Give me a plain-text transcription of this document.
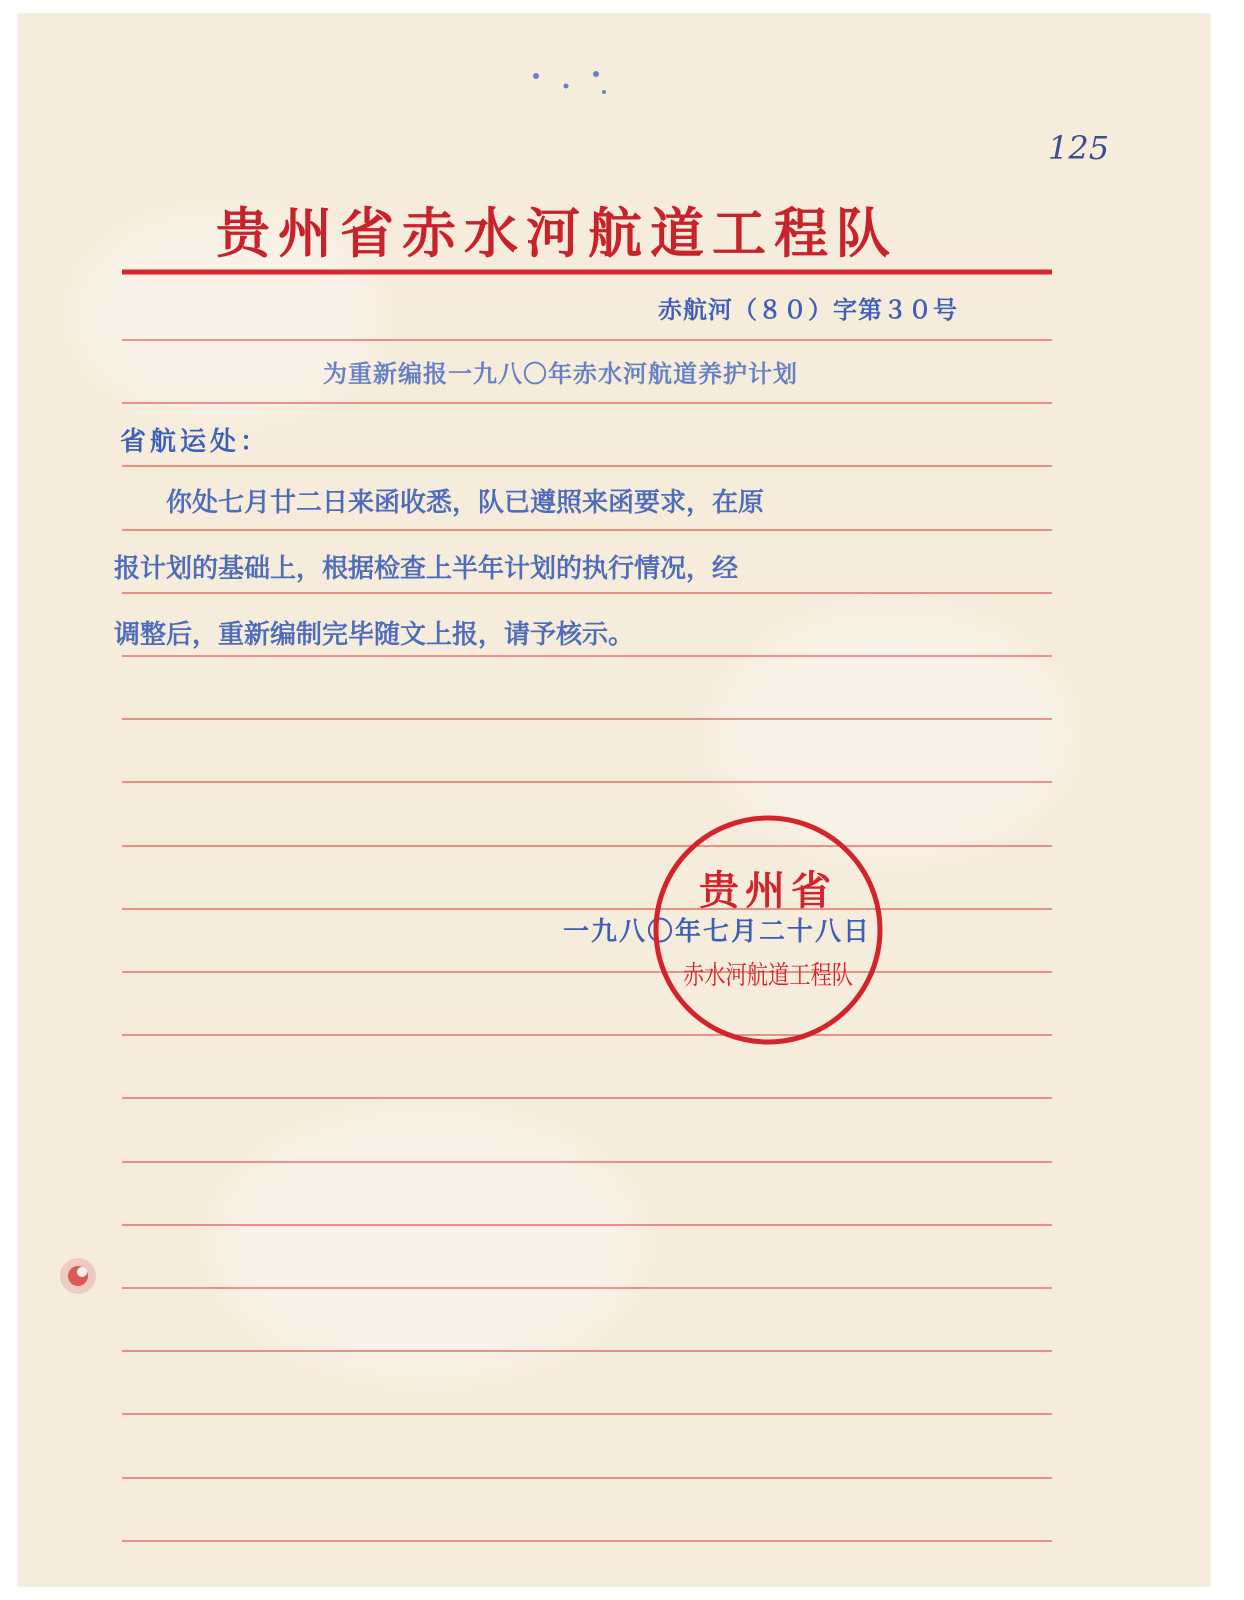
125
贵州省赤水河航道工程队
赤航河（８０）字第３０号
为重新编报一九八〇年赤水河航道养护计划
省航运处：
　　你处七月廿二日来函收悉，队已遵照来函要求，在原
报计划的基础上，根据检查上半年计划的执行情况，经
调整后，重新编制完毕随文上报，请予核示。
一九八〇年七月二十八日
贵州省
赤水河航道工程队
